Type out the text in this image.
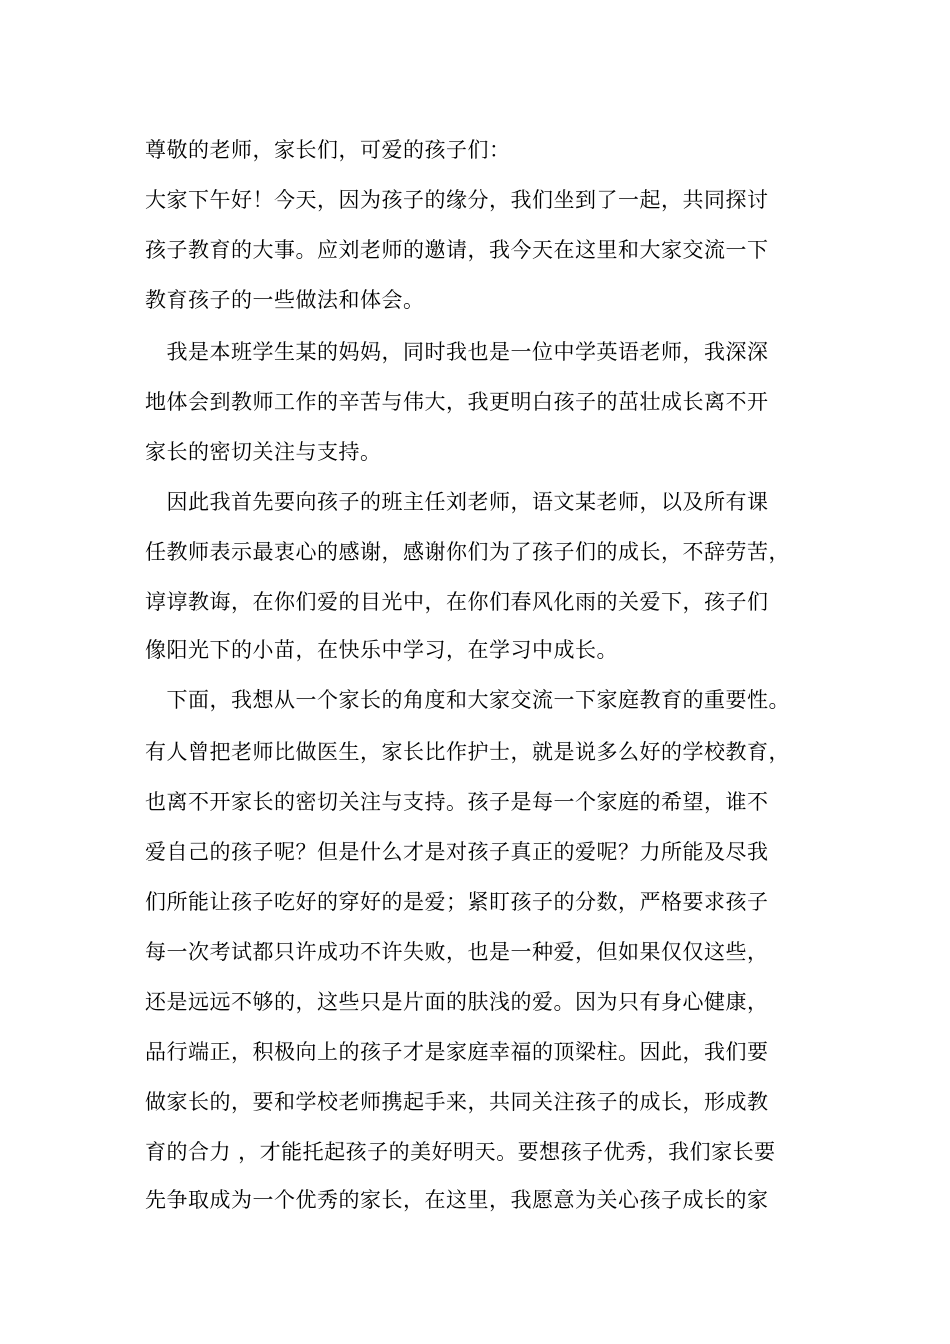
尊敬的老师，家长们，可爱的孩子们：
大家下午好！今天，因为孩子的缘分，我们坐到了一起，共同探讨
孩子教育的大事。应刘老师的邀请，我今天在这里和大家交流一下
教育孩子的一些做法和体会。
　我是本班学生某的妈妈，同时我也是一位中学英语老师，我深深
地体会到教师工作的辛苦与伟大，我更明白孩子的茁壮成长离不开
家长的密切关注与支持。
　因此我首先要向孩子的班主任刘老师，语文某老师，以及所有课
任教师表示最衷心的感谢，感谢你们为了孩子们的成长，不辞劳苦，
谆谆教诲，在你们爱的目光中，在你们春风化雨的关爱下，孩子们
像阳光下的小苗，在快乐中学习，在学习中成长。
　下面，我想从一个家长的角度和大家交流一下家庭教育的重要性。
有人曾把老师比做医生，家长比作护士，就是说多么好的学校教育，
也离不开家长的密切关注与支持。孩子是每一个家庭的希望，谁不
爱自己的孩子呢？但是什么才是对孩子真正的爱呢？力所能及尽我
们所能让孩子吃好的穿好的是爱；紧盯孩子的分数，严格要求孩子
每一次考试都只许成功不许失败，也是一种爱，但如果仅仅这些，
还是远远不够的，这些只是片面的肤浅的爱。因为只有身心健康，
品行端正，积极向上的孩子才是家庭幸福的顶梁柱。因此，我们要
做家长的，要和学校老师携起手来，共同关注孩子的成长，形成教
育的合力 ，才能托起孩子的美好明天。要想孩子优秀，我们家长要
先争取成为一个优秀的家长，在这里，我愿意为关心孩子成长的家
